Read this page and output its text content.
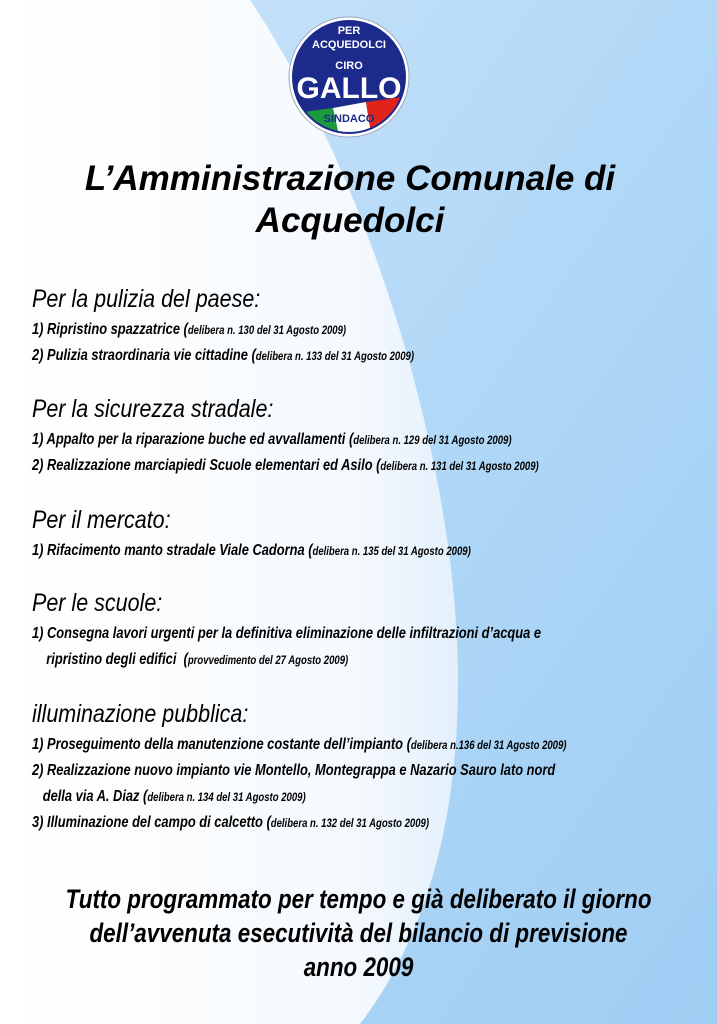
PER
ACQUEDOLCI
CIRO
GALLO
SINDACO
L’Amministrazione Comunale di
Acquedolci
Per la pulizia del paese:
1) Ripristino spazzatrice (delibera n. 130 del 31 Agosto 2009)
2) Pulizia straordinaria vie cittadine (delibera n. 133 del 31 Agosto 2009)
Per la sicurezza stradale:
1) Appalto per la riparazione buche ed avvallamenti (delibera n. 129 del 31 Agosto 2009)
2) Realizzazione marciapiedi Scuole elementari ed Asilo (delibera n. 131 del 31 Agosto 2009)
Per il mercato:
1) Rifacimento manto stradale Viale Cadorna (delibera n. 135 del 31 Agosto 2009)
Per le scuole:
1) Consegna lavori urgenti per la definitiva eliminazione delle infiltrazioni d’acqua e
ripristino degli edifici  (provvedimento del 27 Agosto 2009)
illuminazione pubblica:
1) Proseguimento della manutenzione costante dell’impianto (delibera n.136 del 31 Agosto 2009)
2) Realizzazione nuovo impianto vie Montello, Montegrappa e Nazario Sauro lato nord
della via A. Diaz (delibera n. 134 del 31 Agosto 2009)
3) Illuminazione del campo di calcetto (delibera n. 132 del 31 Agosto 2009)
Tutto programmato per tempo e già deliberato il giorno
dell’avvenuta esecutività del bilancio di previsione anno 2009
